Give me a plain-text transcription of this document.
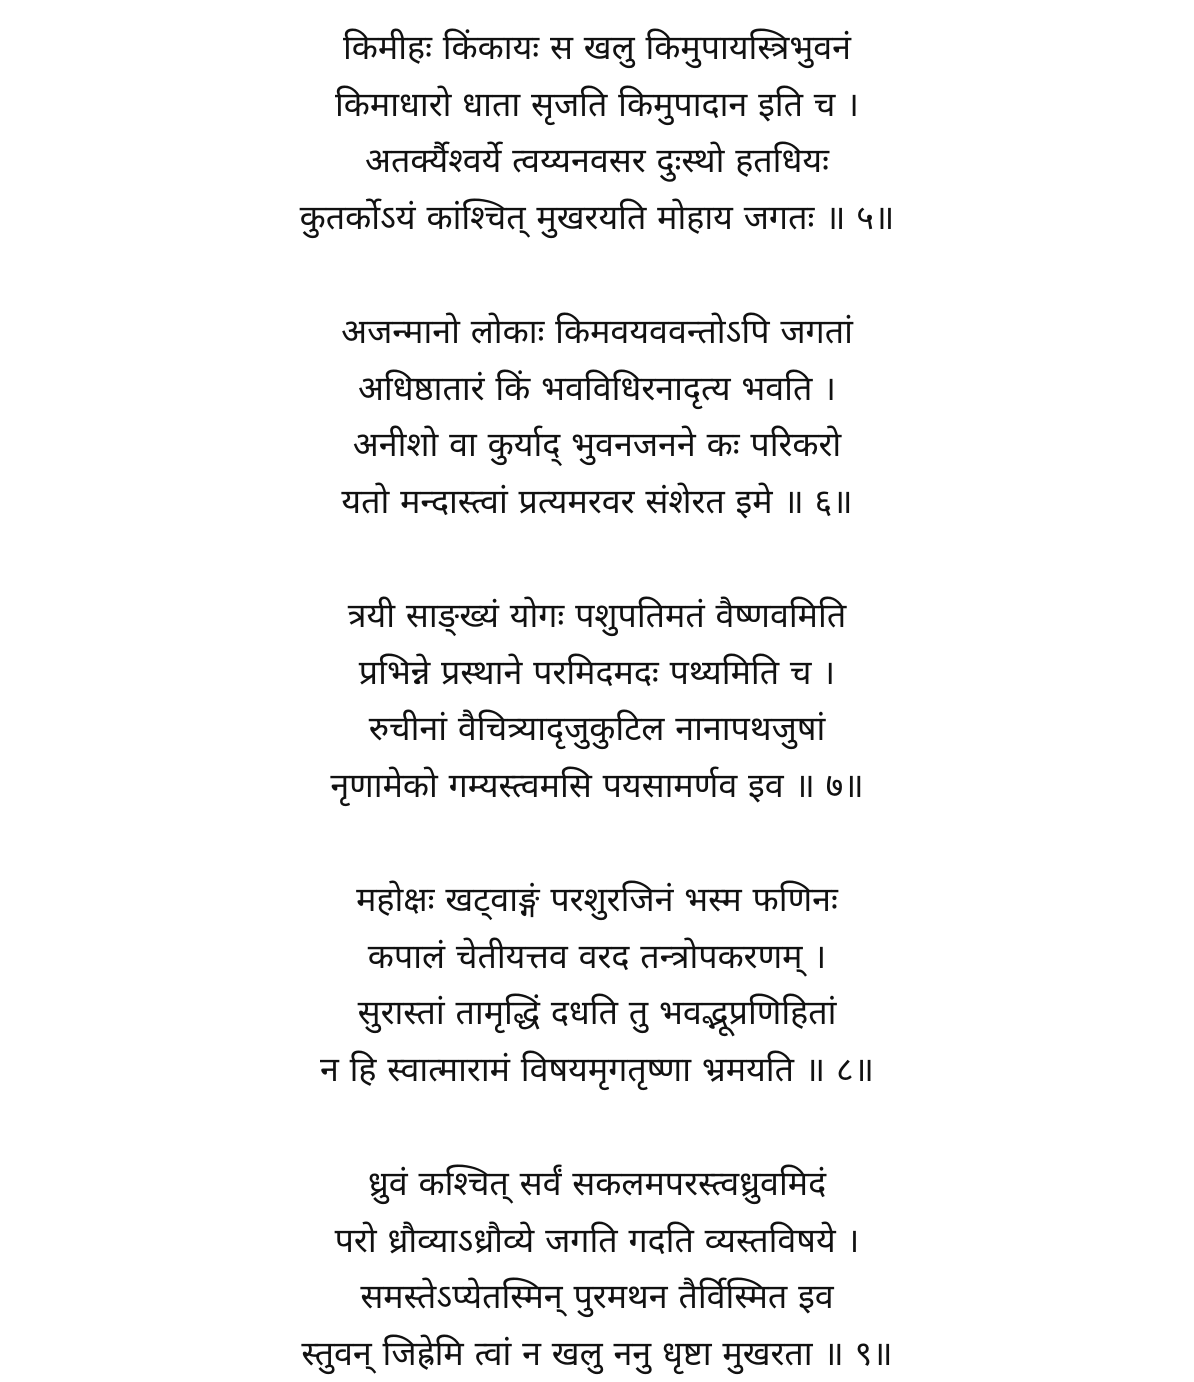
किमीहः किंकायः स खलु किमुपायस्त्रिभुवनं
किमाधारो धाता सृजति किमुपादान इति च ।
अतर्क्यैश्वर्ये त्वय्यनवसर दुःस्थो हतधियः
कुतर्कोऽयं कांश्चित् मुखरयति मोहाय जगतः ॥ ५॥
अजन्मानो लोकाः किमवयववन्तोऽपि जगतां
अधिष्ठातारं किं भवविधिरनादृत्य भवति ।
अनीशो वा कुर्याद् भुवनजनने कः परिकरो
यतो मन्दास्त्वां प्रत्यमरवर संशेरत इमे ॥ ६॥
त्रयी साङ्ख्यं योगः पशुपतिमतं वैष्णवमिति
प्रभिन्ने प्रस्थाने परमिदमदः पथ्यमिति च ।
रुचीनां वैचित्र्यादृजुकुटिल नानापथजुषां
नृणामेको गम्यस्त्वमसि पयसामर्णव इव ॥ ७॥
महोक्षः खट्वाङ्गं परशुरजिनं भस्म फणिनः
कपालं चेतीयत्तव वरद तन्त्रोपकरणम् ।
सुरास्तां तामृद्धिं दधति तु भवद्भूप्रणिहितां
न हि स्वात्मारामं विषयमृगतृष्णा भ्रमयति ॥ ८॥
ध्रुवं कश्चित् सर्वं सकलमपरस्त्वध्रुवमिदं
परो ध्रौव्याऽध्रौव्ये जगति गदति व्यस्तविषये ।
समस्तेऽप्येतस्मिन् पुरमथन तैर्विस्मित इव
स्तुवन् जिह्रेमि त्वां न खलु ननु धृष्टा मुखरता ॥ ९॥
